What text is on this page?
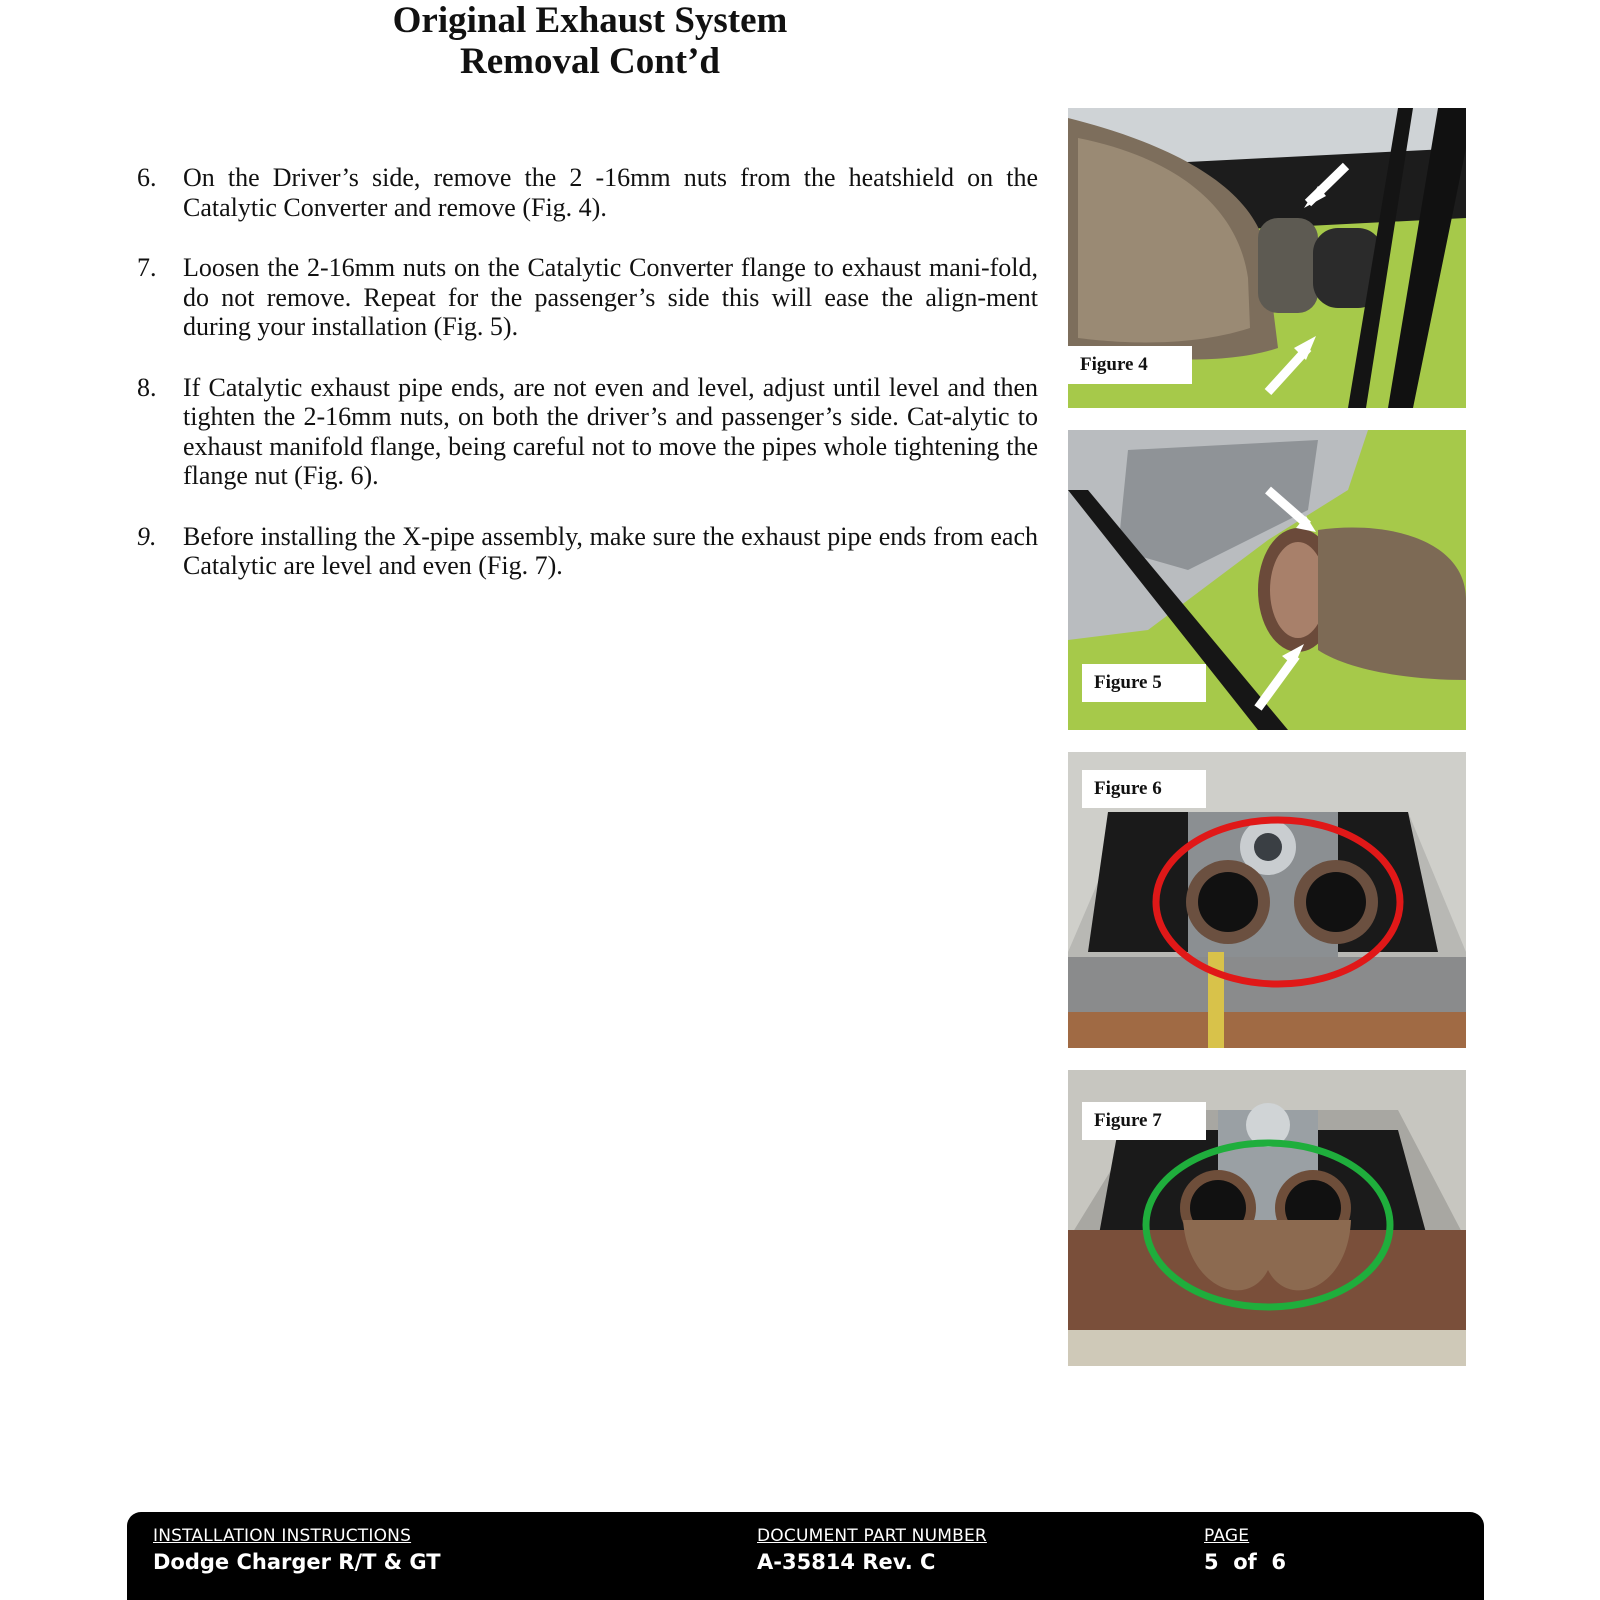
Original Exhaust System
Removal Cont’d
6. On the Driver’s side, remove the 2 -16mm nuts from the heatshield on the Catalytic Converter and remove (Fig. 4).
7. Loosen the 2-16mm nuts on the Catalytic Converter flange to exhaust mani-fold, do not remove. Repeat for the passenger’s side this will ease the align-ment during your installation (Fig. 5).
8. If Catalytic exhaust pipe ends, are not even and level, adjust until level and then tighten the 2-16mm nuts, on both the driver’s and passenger’s side. Cat-alytic to exhaust manifold flange, being careful not to move the pipes whole tightening the flange nut (Fig. 6).
9. Before installing the X-pipe assembly, make sure the exhaust pipe ends from each Catalytic are level and even (Fig. 7).
Figure 4
Figure 5
Figure 6
Figure 7
INSTALLATION INSTRUCTIONS
Dodge Charger R/T & GT
DOCUMENT PART NUMBER
A-35814 Rev. C
PAGE
5  of  6
